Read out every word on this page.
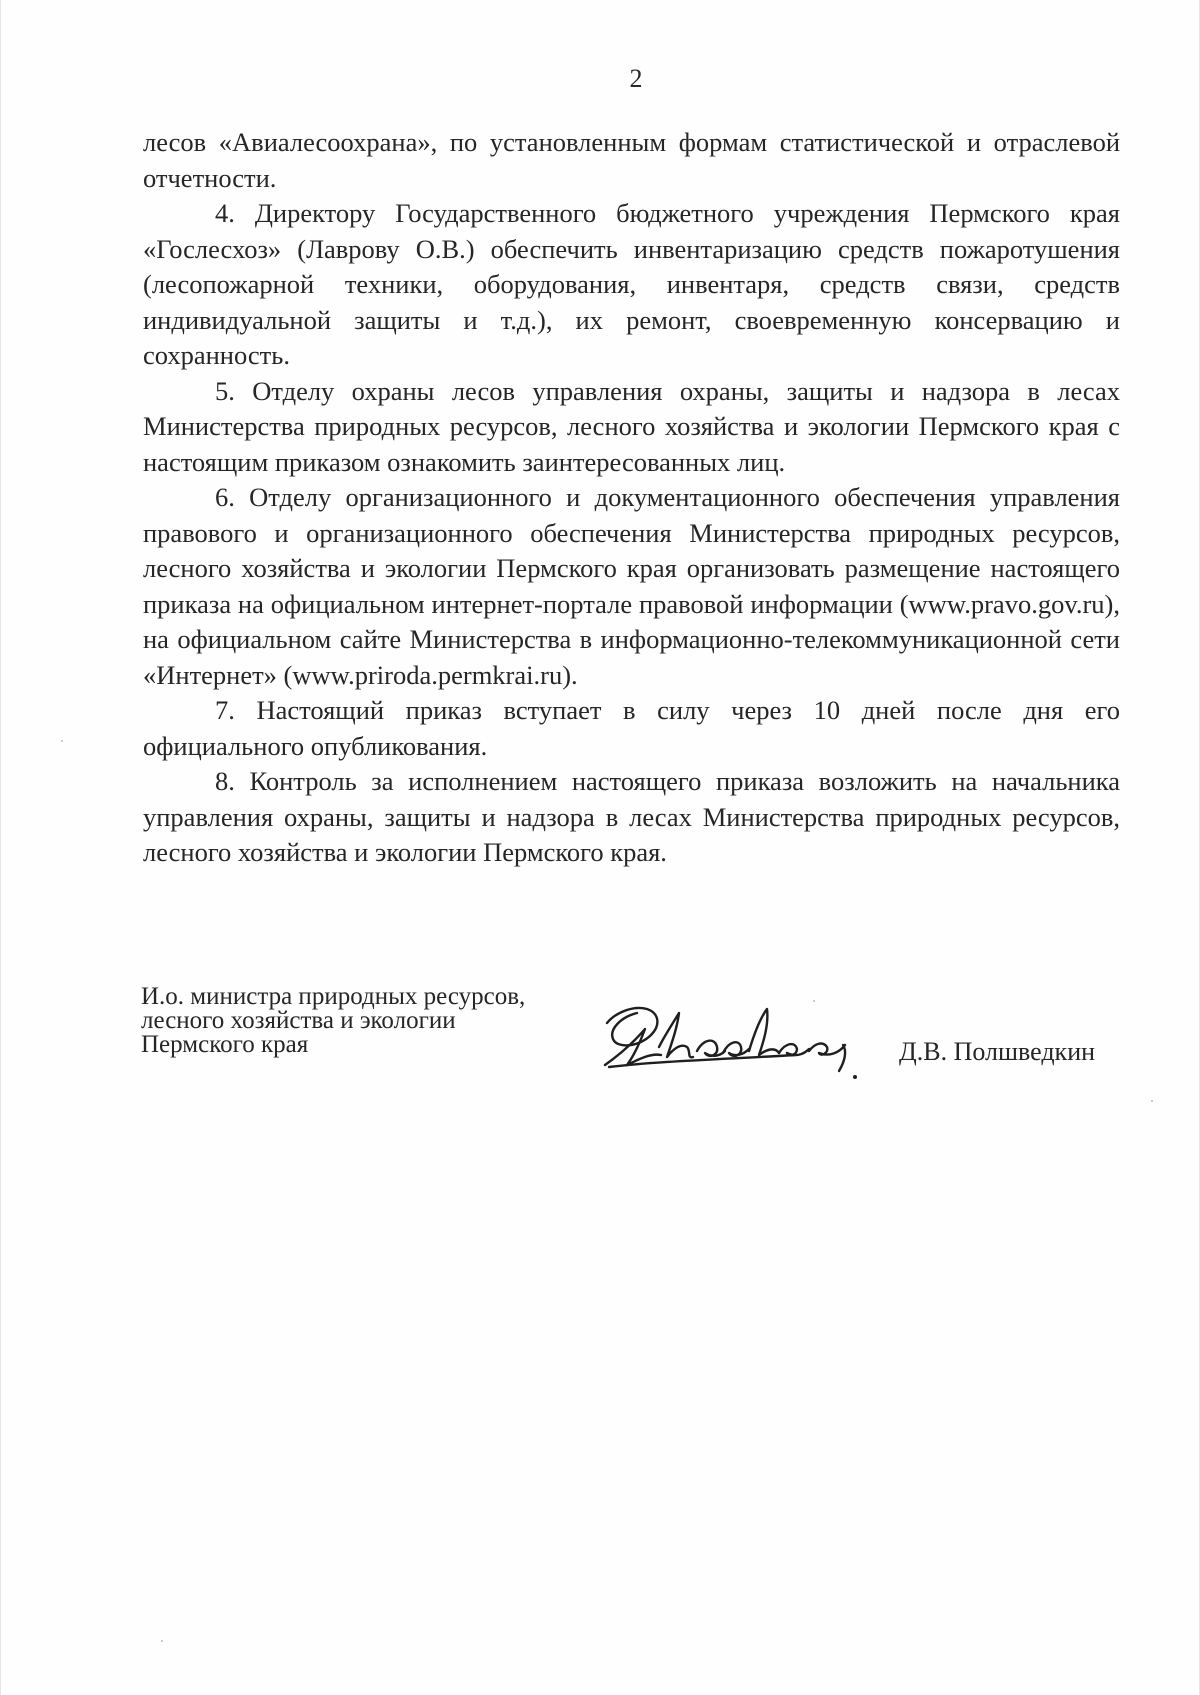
2

лесов «Авиалесоохрана», по установленным формам статистической и отраслевой отчетности.

4. Директору Государственного бюджетного учреждения Пермского края «Гослесхоз» (Лаврову О.В.) обеспечить инвентаризацию средств пожаротушения (лесопожарной техники, оборудования, инвентаря, средств связи, средств индивидуальной защиты и т.д.), их ремонт, своевременную консервацию и сохранность.

5. Отделу охраны лесов управления охраны, защиты и надзора в лесах Министерства природных ресурсов, лесного хозяйства и экологии Пермского края с настоящим приказом ознакомить заинтересованных лиц.

6. Отделу организационного и документационного обеспечения управления правового и организационного обеспечения Министерства природных ресурсов, лесного хозяйства и экологии Пермского края организовать размещение настоящего приказа на официальном интернет-портале правовой информации (www.pravo.gov.ru), на официальном сайте Министерства в информационно-телекоммуникационной сети «Интернет» (www.priroda.permkrai.ru).

7. Настоящий приказ вступает в силу через 10 дней после дня его официального опубликования.

8. Контроль за исполнением настоящего приказа возложить на начальника управления охраны, защиты и надзора в лесах Министерства природных ресурсов, лесного хозяйства и экологии Пермского края.

И.о. министра природных ресурсов,
лесного хозяйства и экологии
Пермского края	Д.В. Полшведкин
